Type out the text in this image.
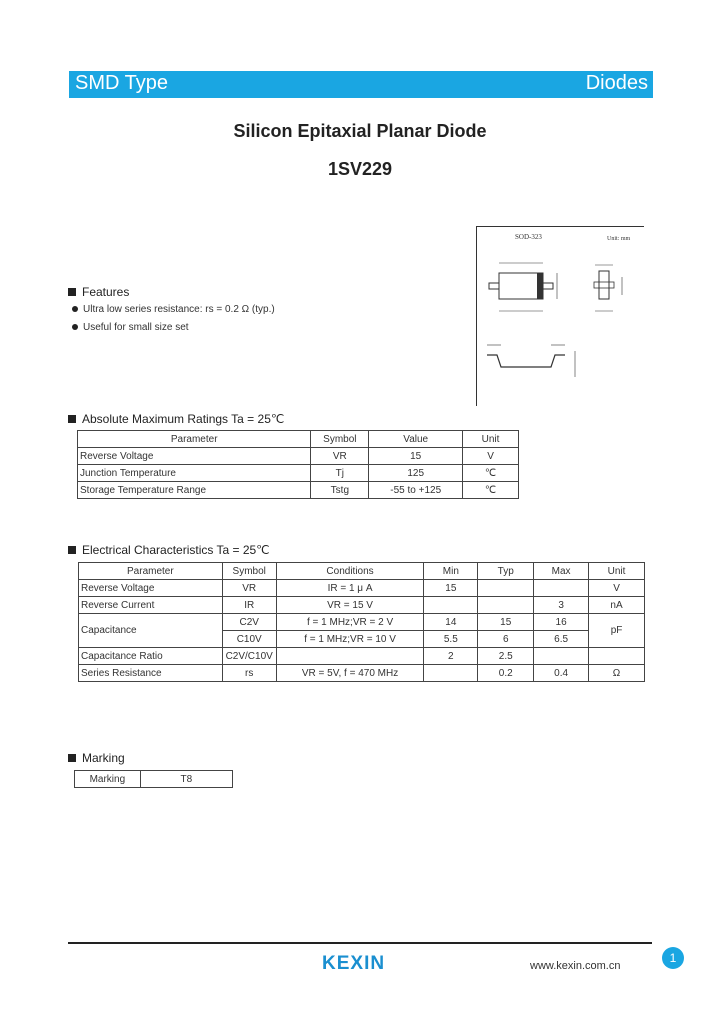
SMD Type	Diodes
Silicon Epitaxial Planar Diode
1SV229
SOD-323	Unit: mm
Features
Ultra low series resistance: rs = 0.2 Ω (typ.)
Useful for small size set
Absolute Maximum Ratings Ta = 25℃
Parameter	Symbol	Value	Unit
Reverse Voltage	VR	15	V
Junction Temperature	Tj	125	℃
Storage Temperature Range	Tstg	-55 to +125	℃
Electrical Characteristics Ta = 25℃
Parameter	Symbol	Conditions	Min	Typ	Max	Unit
Reverse Voltage	VR	IR = 1 μ A	15			V
Reverse Current	IR	VR = 15 V			3	nA
Capacitance	C2V	f = 1 MHz;VR = 2 V	14	15	16	pF
	C10V	f = 1 MHz;VR = 10 V	5.5	6	6.5	
Capacitance Ratio	C2V/C10V		2	2.5		
Series Resistance	rs	VR = 5V, f = 470 MHz		0.2	0.4	Ω
Marking
Marking	T8
KEXIN	www.kexin.com.cn
1
